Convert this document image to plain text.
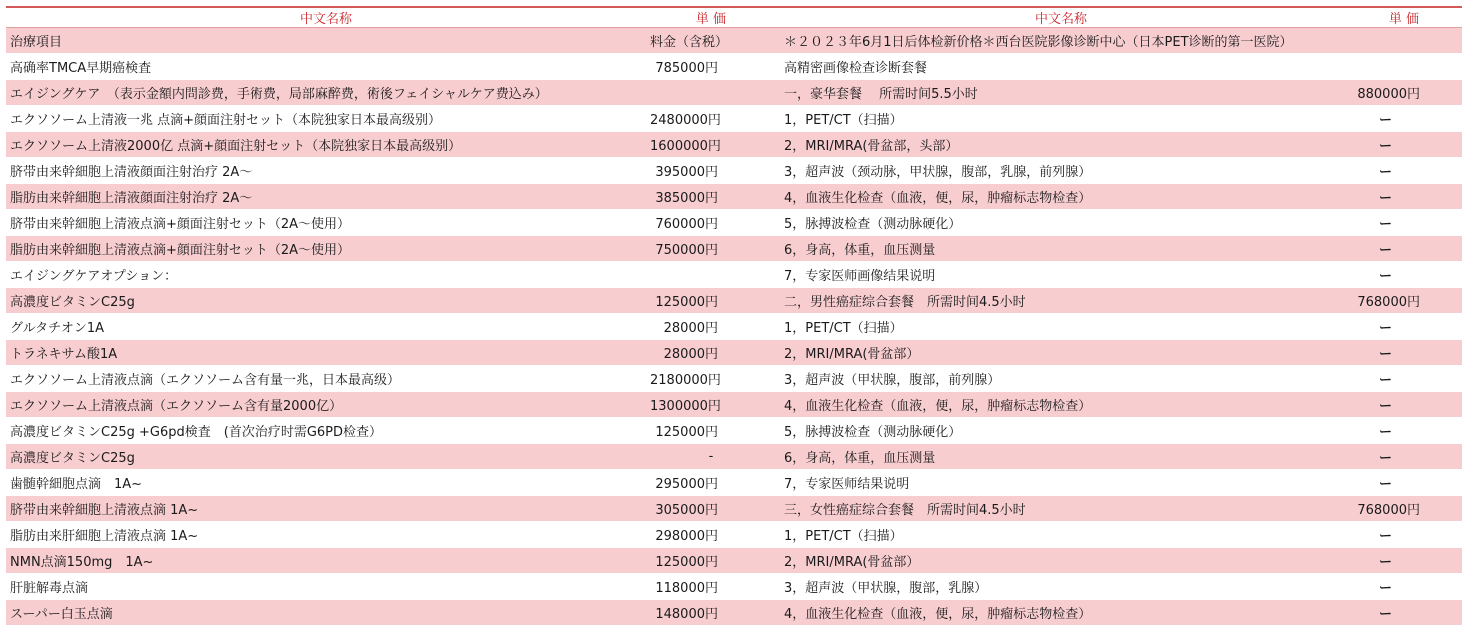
中文名称	単 価	中文名称	単 価
治療項目	料金（含税）	＊２０２３年6月1日后体检新价格＊西台医院影像诊断中心（日本PET诊断的第一医院）	
高确率TMCA早期癌検査	785000円	高精密画像检查诊断套餐	
エイジングケア　（表示金額内問診费，手術费，局部麻醉费，術後フェイシャルケア费込み）		一，豪华套餐　 所需时间5.5小时	880000円
エクソソーム上清液一兆 点滴+顔面注射セット（本院独家日本最高级别）	2480000円	1，PET/CT（扫描）	ー
エクソソーム上清液2000亿 点滴+顔面注射セット（本院独家日本最高级别）	1600000円	2，MRI/MRA(骨盆部，头部）	ー
脐带由来幹細胞上清液顔面注射治疗 2A～	395000円	3，超声波（颈动脉，甲状腺，腹部，乳腺，前列腺）	ー
脂肪由来幹細胞上清液顔面注射治疗 2A～	385000円	4，血液生化检查（血液，便，尿，肿瘤标志物检查）	ー
脐带由来幹細胞上清液点滴+顔面注射セット（2A～使用）	760000円	5，脉搏波检查（测动脉硬化）	ー
脂肪由来幹細胞上清液点滴+顔面注射セット（2A～使用）	750000円	6，身高，体重，血压测量	ー
エイジングケアオプション：		7，专家医师画像结果说明	ー
高濃度ビタミンC25g	125000円	二，男性癌症综合套餐　所需时间4.5小时	768000円
グルタチオン1A	28000円	1，PET/CT（扫描）	ー
トラネキサム酸1A	28000円	2，MRI/MRA(骨盆部）	ー
エクソソーム上清液点滴（エクソソーム含有量一兆，日本最高级）	2180000円	3，超声波（甲状腺，腹部，前列腺）	ー
エクソソーム上清液点滴（エクソソーム含有量2000亿）	1300000円	4，血液生化检查（血液，便，尿，肿瘤标志物检查）	ー
高濃度ビタミンC25g +G6pd検査　(首次治疗时需G6PD检查）	125000円	5，脉搏波检查（测动脉硬化）	ー
高濃度ビタミンC25g	-	6，身高，体重，血压测量	ー
歯髄幹細胞点滴　1A~	295000円	7，专家医师结果说明	ー
脐带由来幹細胞上清液点滴 1A~	305000円	三，女性癌症综合套餐　所需时间4.5小时	768000円
脂肪由来肝細胞上清液点滴 1A~	298000円	1，PET/CT（扫描）	ー
NMN点滴150mg　1A~	125000円	2，MRI/MRA(骨盆部）	ー
肝脏解毒点滴	118000円	3，超声波（甲状腺，腹部，乳腺）	ー
スーパー白玉点滴	148000円	4，血液生化检查（血液，便，尿，肿瘤标志物检查）	ー
